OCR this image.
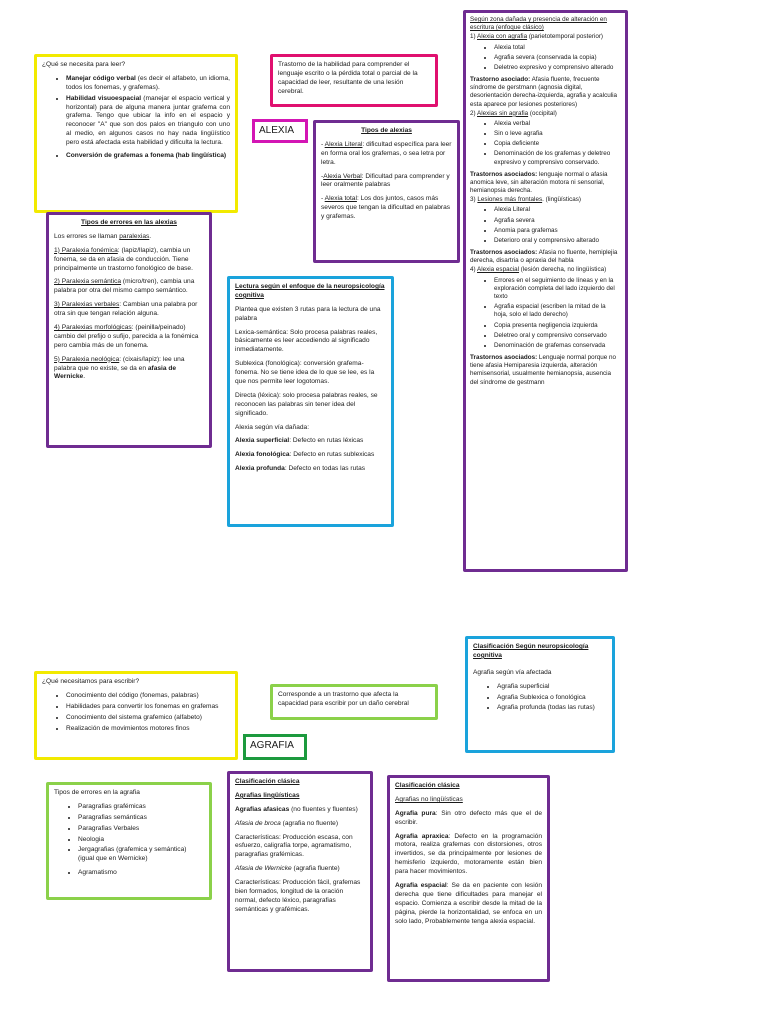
¿Qué se necesita para leer?

• Manejar código verbal (es decir el alfabeto, un idioma, todos los fonemas, y grafemas).
• Habilidad visuoespacial (manejar el espacio vertical y horizontal) para de alguna manera juntar grafema con grafema. Tengo que ubicar la info en el espacio y reconocer "A" que son dos palos en triangulo con uno al medio, en algunos casos no hay nada lingüístico pero está afectada esta habilidad y dificulta la lectura.
• Conversión de grafemas a fonema (hab lingüística)

Trastorno de la habilidad para comprender el lenguaje escrito o la pérdida total o parcial de la capacidad de leer, resultante de una lesión cerebral.

ALEXIA	Tipos de alexias

- Alexia Literal: dificultad específica para leer en forma oral los grafemas, o sea letra por letra.

-Alexia Verbal: Dificultad para comprender y leer oralmente palabras

- Alexia total: Los dos juntos, casos más severos que tengan la dificultad en palabras y grafemas.

Tipos de errores en las alexias

Los errores se llaman paralexias.

1) Paralexia fonémica: (lapiz/llapiz), cambia un fonema, se da en afasia de conducción. Tiene principalmente un trastorno fonológico de base.

2) Paralexia semántica (micro/tren), cambia una palabra por otra del mismo campo semántico.

3) Paralexias verbales: Cambian una palabra por otra sin que tengan relación alguna.

4) Paralexias morfológicas: (peinilla/peinado) cambio del prefijo o sufijo, parecida a la fonémica pero cambia más de un fonema.

5) Paralexia neológica: (cixais/lapiz): lee una palabra que no existe, se da en afasia de Wernicke.

Lectura según el enfoque de la neuropsicología cognitiva

Plantea que existen 3 rutas para la lectura de una palabra

Lexica-semántica: Solo procesa palabras reales, básicamente es leer accediendo al significado inmediatamente.

Sublexica (fonológica): conversión grafema-fonema. No se tiene idea de lo que se lee, es la que nos permite leer logotomas.

Directa (léxica): solo procesa palabras reales, se reconocen las palabras sin tener idea del significado.

Alexia según vía dañada:

Alexia superficial: Defecto en rutas léxicas

Alexia fonológica: Defecto en rutas sublexicas

Alexia profunda: Defecto en todas las rutas

Según zona dañada y presencia de alteración en escritura (enfoque clásico)

1) Alexia con agrafia (parietotemporal posterior)

• Alexia total
• Agrafia severa (conservada la copia)
• Deletreo expresivo y comprensivo alterado

Trastorno asociado: Afasia fluente, frecuente síndrome de gerstmann (agnosia digital, desorientación derecha-izquierda, agrafia y acalculia esta aparece por lesiones posteriores)

2) Alexias sin agrafia (occipital)

• Alexia verbal
• Sin o leve agrafia
• Copia deficiente
• Denominación de los grafemas y deletreo expresivo y comprensivo conservado.

Trastornos asociados: lenguaje normal o afasia anomica leve, sin alteración motora ni sensorial, hemianopsia derecha.

3) Lesiones más frontales. (lingüísticas)

• Alexia Literal
• Agrafia severa
• Anomia para grafemas
• Deterioro oral y comprensivo alterado

Trastornos asociados: Afasia no fluente, hemiplejia derecha, disartria o apraxia del habla

4) Alexia espacial (lesión derecha, no lingüística)

• Errores en el seguimiento de líneas y en la exploración completa del lado izquierdo del texto
• Agrafia espacial (escriben la mitad de la hoja, solo el lado derecho)
• Copia presenta negligencia izquierda
• Deletreo oral y comprensivo conservado
• Denominación de grafemas conservada

Trastornos asociados: Lenguaje normal porque no tiene afasia Hemiparesia izquierda, alteración hemisensorial, usualmente hemianopsia, ausencia del síndrome de gestmann

¿Qué necesitamos para escribir?

• Conocimiento del código (fonemas, palabras)
• Habilidades para convertir los fonemas en grafemas
• Conocimiento del sistema grafemico (alfabeto)
• Realización de movimientos motores finos

Corresponde a un trastorno que afecta la capacidad para escribir por un daño cerebral

AGRAFIA

Clasificación Según neuropsicología cognitiva

Agrafia según vía afectada

• Agrafia superficial
• Agrafia Sublexica o fonológica
• Agrafia profunda (todas las rutas)

Tipos de errores en la agrafia

• Paragrafias grafémicas
• Paragrafias semánticas
• Paragrafias Verbales
• Neologia
• Jergagrafias (grafemica y semántica) (igual que en Wernicke)
• Agramatismo

Clasificación clásica

Agrafias lingüísticas

Agrafias afasicas (no fluentes y fluentes)

Afasia de broca (agrafia no fluente)

Características: Producción escasa, con esfuerzo, caligrafía torpe, agramatismo, paragrafias grafémicas.

Afasia de Wernicke (agrafia fluente)

Características: Producción fácil, grafemas bien formados, longitud de la oración normal, defecto léxico, paragrafias semánticas y grafémicas.

Clasificación clásica

Agrafias no lingüísticas

Agrafia pura: Sin otro defecto más que el de escribir.

Agrafia apraxica: Defecto en la programación motora, realiza grafemas con distorsiones, otros invertidos, se da principalmente por lesiones de hemisferio izquierdo, motoramente están bien para hacer movimientos.

Agrafia espacial: Se da en paciente con lesión derecha que tiene dificultades para manejar el espacio. Comienza a escribir desde la mitad de la página, pierde la horizontalidad, se enfoca en un solo lado, Probablemente tenga alexia espacial.
